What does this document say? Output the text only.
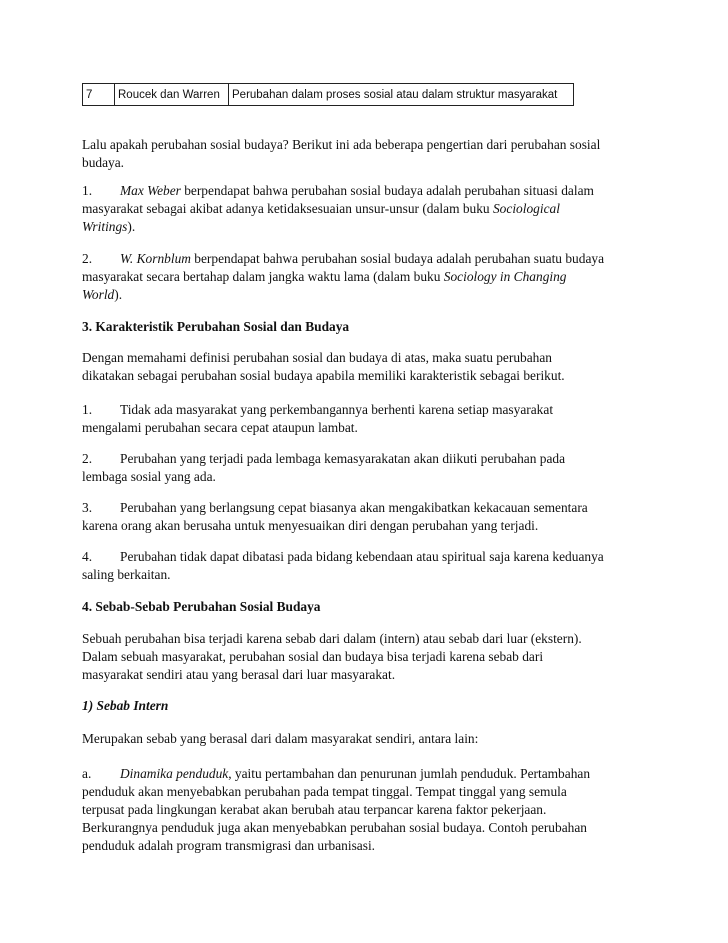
7	Roucek dan Warren	Perubahan dalam proses sosial atau dalam struktur masyarakat

Lalu apakah perubahan sosial budaya? Berikut ini ada beberapa pengertian dari perubahan sosial
budaya.

1. Max Weber berpendapat bahwa perubahan sosial budaya adalah perubahan situasi dalam
masyarakat sebagai akibat adanya ketidaksesuaian unsur-unsur (dalam buku Sociological
Writings).

2. W. Kornblum berpendapat bahwa perubahan sosial budaya adalah perubahan suatu budaya
masyarakat secara bertahap dalam jangka waktu lama (dalam buku Sociology in Changing
World).

3. Karakteristik Perubahan Sosial dan Budaya

Dengan memahami definisi perubahan sosial dan budaya di atas, maka suatu perubahan
dikatakan sebagai perubahan sosial budaya apabila memiliki karakteristik sebagai berikut.

1. Tidak ada masyarakat yang perkembangannya berhenti karena setiap masyarakat
mengalami perubahan secara cepat ataupun lambat.

2. Perubahan yang terjadi pada lembaga kemasyarakatan akan diikuti perubahan pada
lembaga sosial yang ada.

3. Perubahan yang berlangsung cepat biasanya akan mengakibatkan kekacauan sementara
karena orang akan berusaha untuk menyesuaikan diri dengan perubahan yang terjadi.

4. Perubahan tidak dapat dibatasi pada bidang kebendaan atau spiritual saja karena keduanya
saling berkaitan.

4. Sebab-Sebab Perubahan Sosial Budaya

Sebuah perubahan bisa terjadi karena sebab dari dalam (intern) atau sebab dari luar (ekstern).
Dalam sebuah masyarakat, perubahan sosial dan budaya bisa terjadi karena sebab dari
masyarakat sendiri atau yang berasal dari luar masyarakat.

1) Sebab Intern

Merupakan sebab yang berasal dari dalam masyarakat sendiri, antara lain:

a. Dinamika penduduk, yaitu pertambahan dan penurunan jumlah penduduk. Pertambahan
penduduk akan menyebabkan perubahan pada tempat tinggal. Tempat tinggal yang semula
terpusat pada lingkungan kerabat akan berubah atau terpancar karena faktor pekerjaan.
Berkurangnya penduduk juga akan menyebabkan perubahan sosial budaya. Contoh perubahan
penduduk adalah program transmigrasi dan urbanisasi.
